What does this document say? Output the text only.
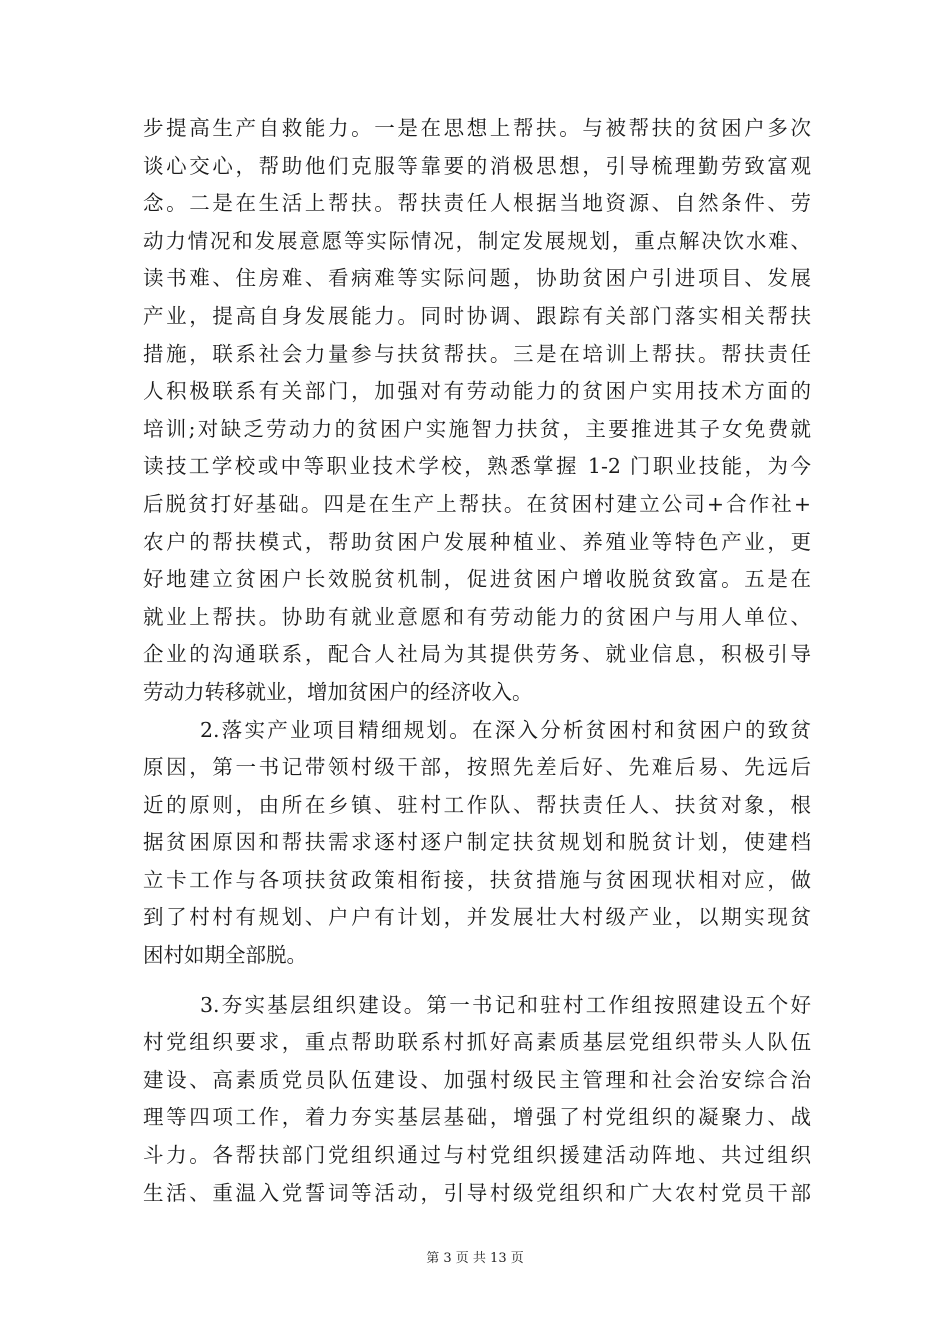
步提高生产自救能力。一是在思想上帮扶。与被帮扶的贫困户多次
谈心交心，帮助他们克服等靠要的消极思想，引导梳理勤劳致富观
念。二是在生活上帮扶。帮扶责任人根据当地资源、自然条件、劳
动力情况和发展意愿等实际情况，制定发展规划，重点解决饮水难、
读书难、住房难、看病难等实际问题，协助贫困户引进项目、发展
产业，提高自身发展能力。同时协调、跟踪有关部门落实相关帮扶
措施，联系社会力量参与扶贫帮扶。三是在培训上帮扶。帮扶责任
人积极联系有关部门，加强对有劳动能力的贫困户实用技术方面的
培训;对缺乏劳动力的贫困户实施智力扶贫，主要推进其子女免费就
读技工学校或中等职业技术学校，熟悉掌握 1-2 门职业技能，为今
后脱贫打好基础。四是在生产上帮扶。在贫困村建立公司+合作社+
农户的帮扶模式，帮助贫困户发展种植业、养殖业等特色产业，更
好地建立贫困户长效脱贫机制，促进贫困户增收脱贫致富。五是在
就业上帮扶。协助有就业意愿和有劳动能力的贫困户与用人单位、
企业的沟通联系，配合人社局为其提供劳务、就业信息，积极引导
劳动力转移就业，增加贫困户的经济收入。
2.落实产业项目精细规划。在深入分析贫困村和贫困户的致贫
原因，第一书记带领村级干部，按照先差后好、先难后易、先远后
近的原则，由所在乡镇、驻村工作队、帮扶责任人、扶贫对象，根
据贫困原因和帮扶需求逐村逐户制定扶贫规划和脱贫计划，使建档
立卡工作与各项扶贫政策相衔接，扶贫措施与贫困现状相对应，做
到了村村有规划、户户有计划，并发展壮大村级产业，以期实现贫
困村如期全部脱。
3.夯实基层组织建设。第一书记和驻村工作组按照建设五个好
村党组织要求，重点帮助联系村抓好高素质基层党组织带头人队伍
建设、高素质党员队伍建设、加强村级民主管理和社会治安综合治
理等四项工作，着力夯实基层基础，增强了村党组织的凝聚力、战
斗力。各帮扶部门党组织通过与村党组织援建活动阵地、共过组织
生活、重温入党誓词等活动，引导村级党组织和广大农村党员干部
第 3 页 共 13 页
